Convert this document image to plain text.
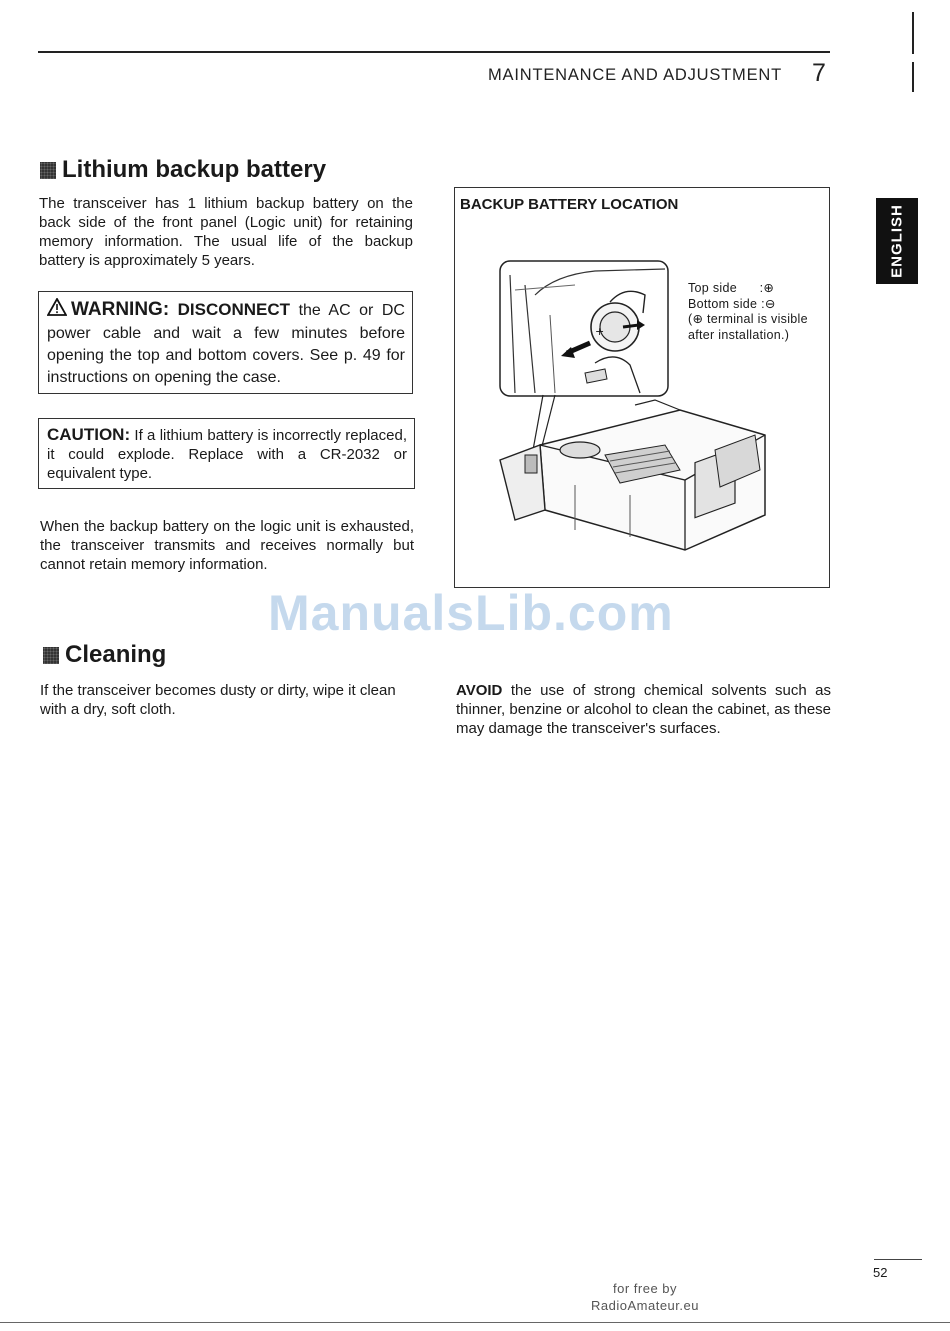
MAINTENANCE AND ADJUSTMENT 7
ENGLISH
Lithium backup battery
The transceiver has 1 lithium backup battery on the back side of the front panel (Logic unit) for retaining memory information. The usual life of the backup battery is approximately 5 years.
WARNING: DISCONNECT the AC or DC power cable and wait a few minutes before opening the top and bottom covers. See p. 49 for instructions on opening the case.
CAUTION: If a lithium battery is incorrectly replaced, it could explode. Replace with a CR-2032 or equivalent type.
When the backup battery on the logic unit is exhausted, the transceiver transmits and receives normally but cannot retain memory information.
BACKUP BATTERY LOCATION
+
Top side      :⊕
Bottom side :⊖
(⊕ terminal is visible
after installation.)
ManualsLib.com
Cleaning
If the transceiver becomes dusty or dirty, wipe it clean with a dry, soft cloth.
AVOID the use of strong chemical solvents such as thinner, benzine or alcohol to clean the cabinet, as these may damage the transceiver's surfaces.
52
for free by
RadioAmateur.eu
